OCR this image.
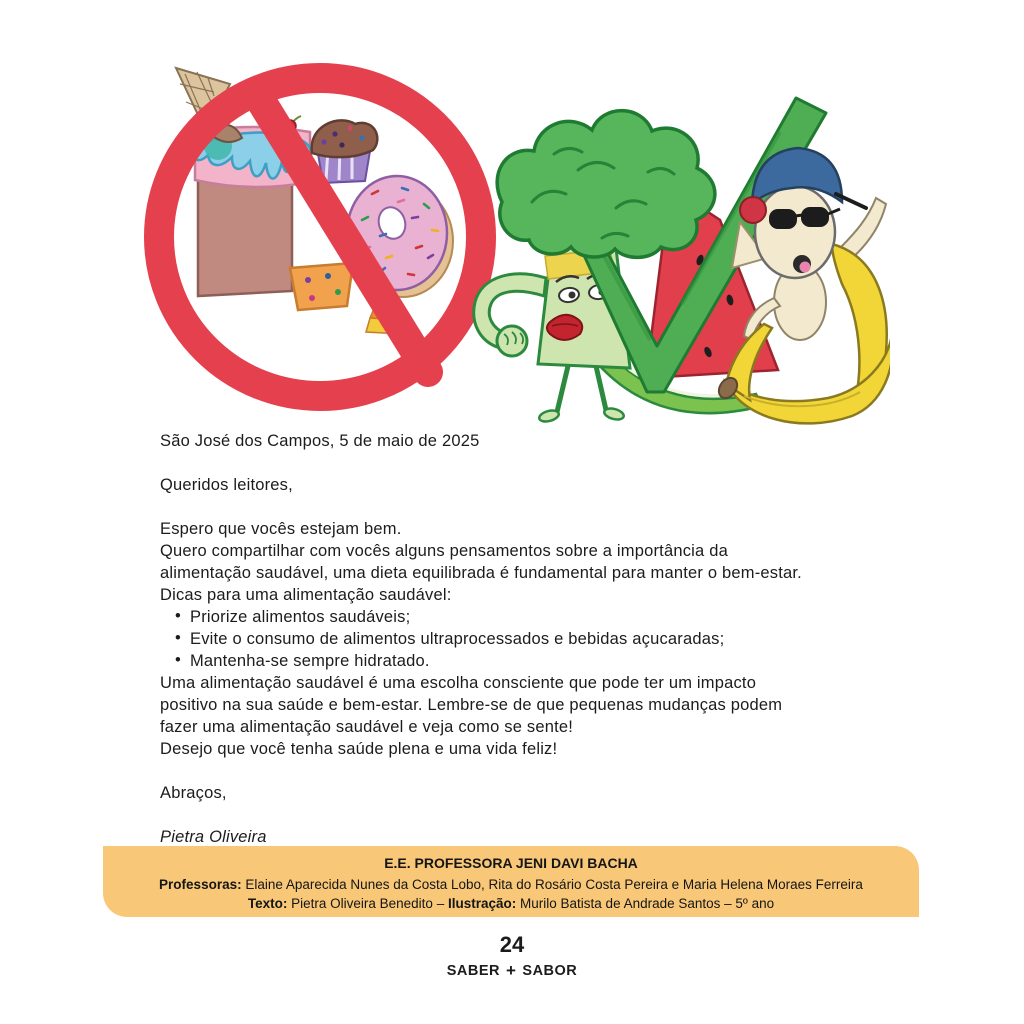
São José dos Campos, 5 de maio de 2025
Queridos leitores,
Espero que vocês estejam bem.
Quero compartilhar com vocês alguns pensamentos sobre a importância da
alimentação saudável, uma dieta equilibrada é fundamental para manter o bem-estar.
Dicas para uma alimentação saudável:
• Priorize alimentos saudáveis;
• Evite o consumo de alimentos ultraprocessados e bebidas açucaradas;
• Mantenha-se sempre hidratado.
Uma alimentação saudável é uma escolha consciente que pode ter um impacto
positivo na sua saúde e bem-estar. Lembre-se de que pequenas mudanças podem
fazer uma alimentação saudável e veja como se sente!
Desejo que você tenha saúde plena e uma vida feliz!
Abraços,
Pietra Oliveira
E.E. PROFESSORA JENI DAVI BACHA
Professoras: Elaine Aparecida Nunes da Costa Lobo, Rita do Rosário Costa Pereira e Maria Helena Moraes Ferreira
Texto: Pietra Oliveira Benedito – Ilustração: Murilo Batista de Andrade Santos – 5º ano
24
SABER + SABOR
